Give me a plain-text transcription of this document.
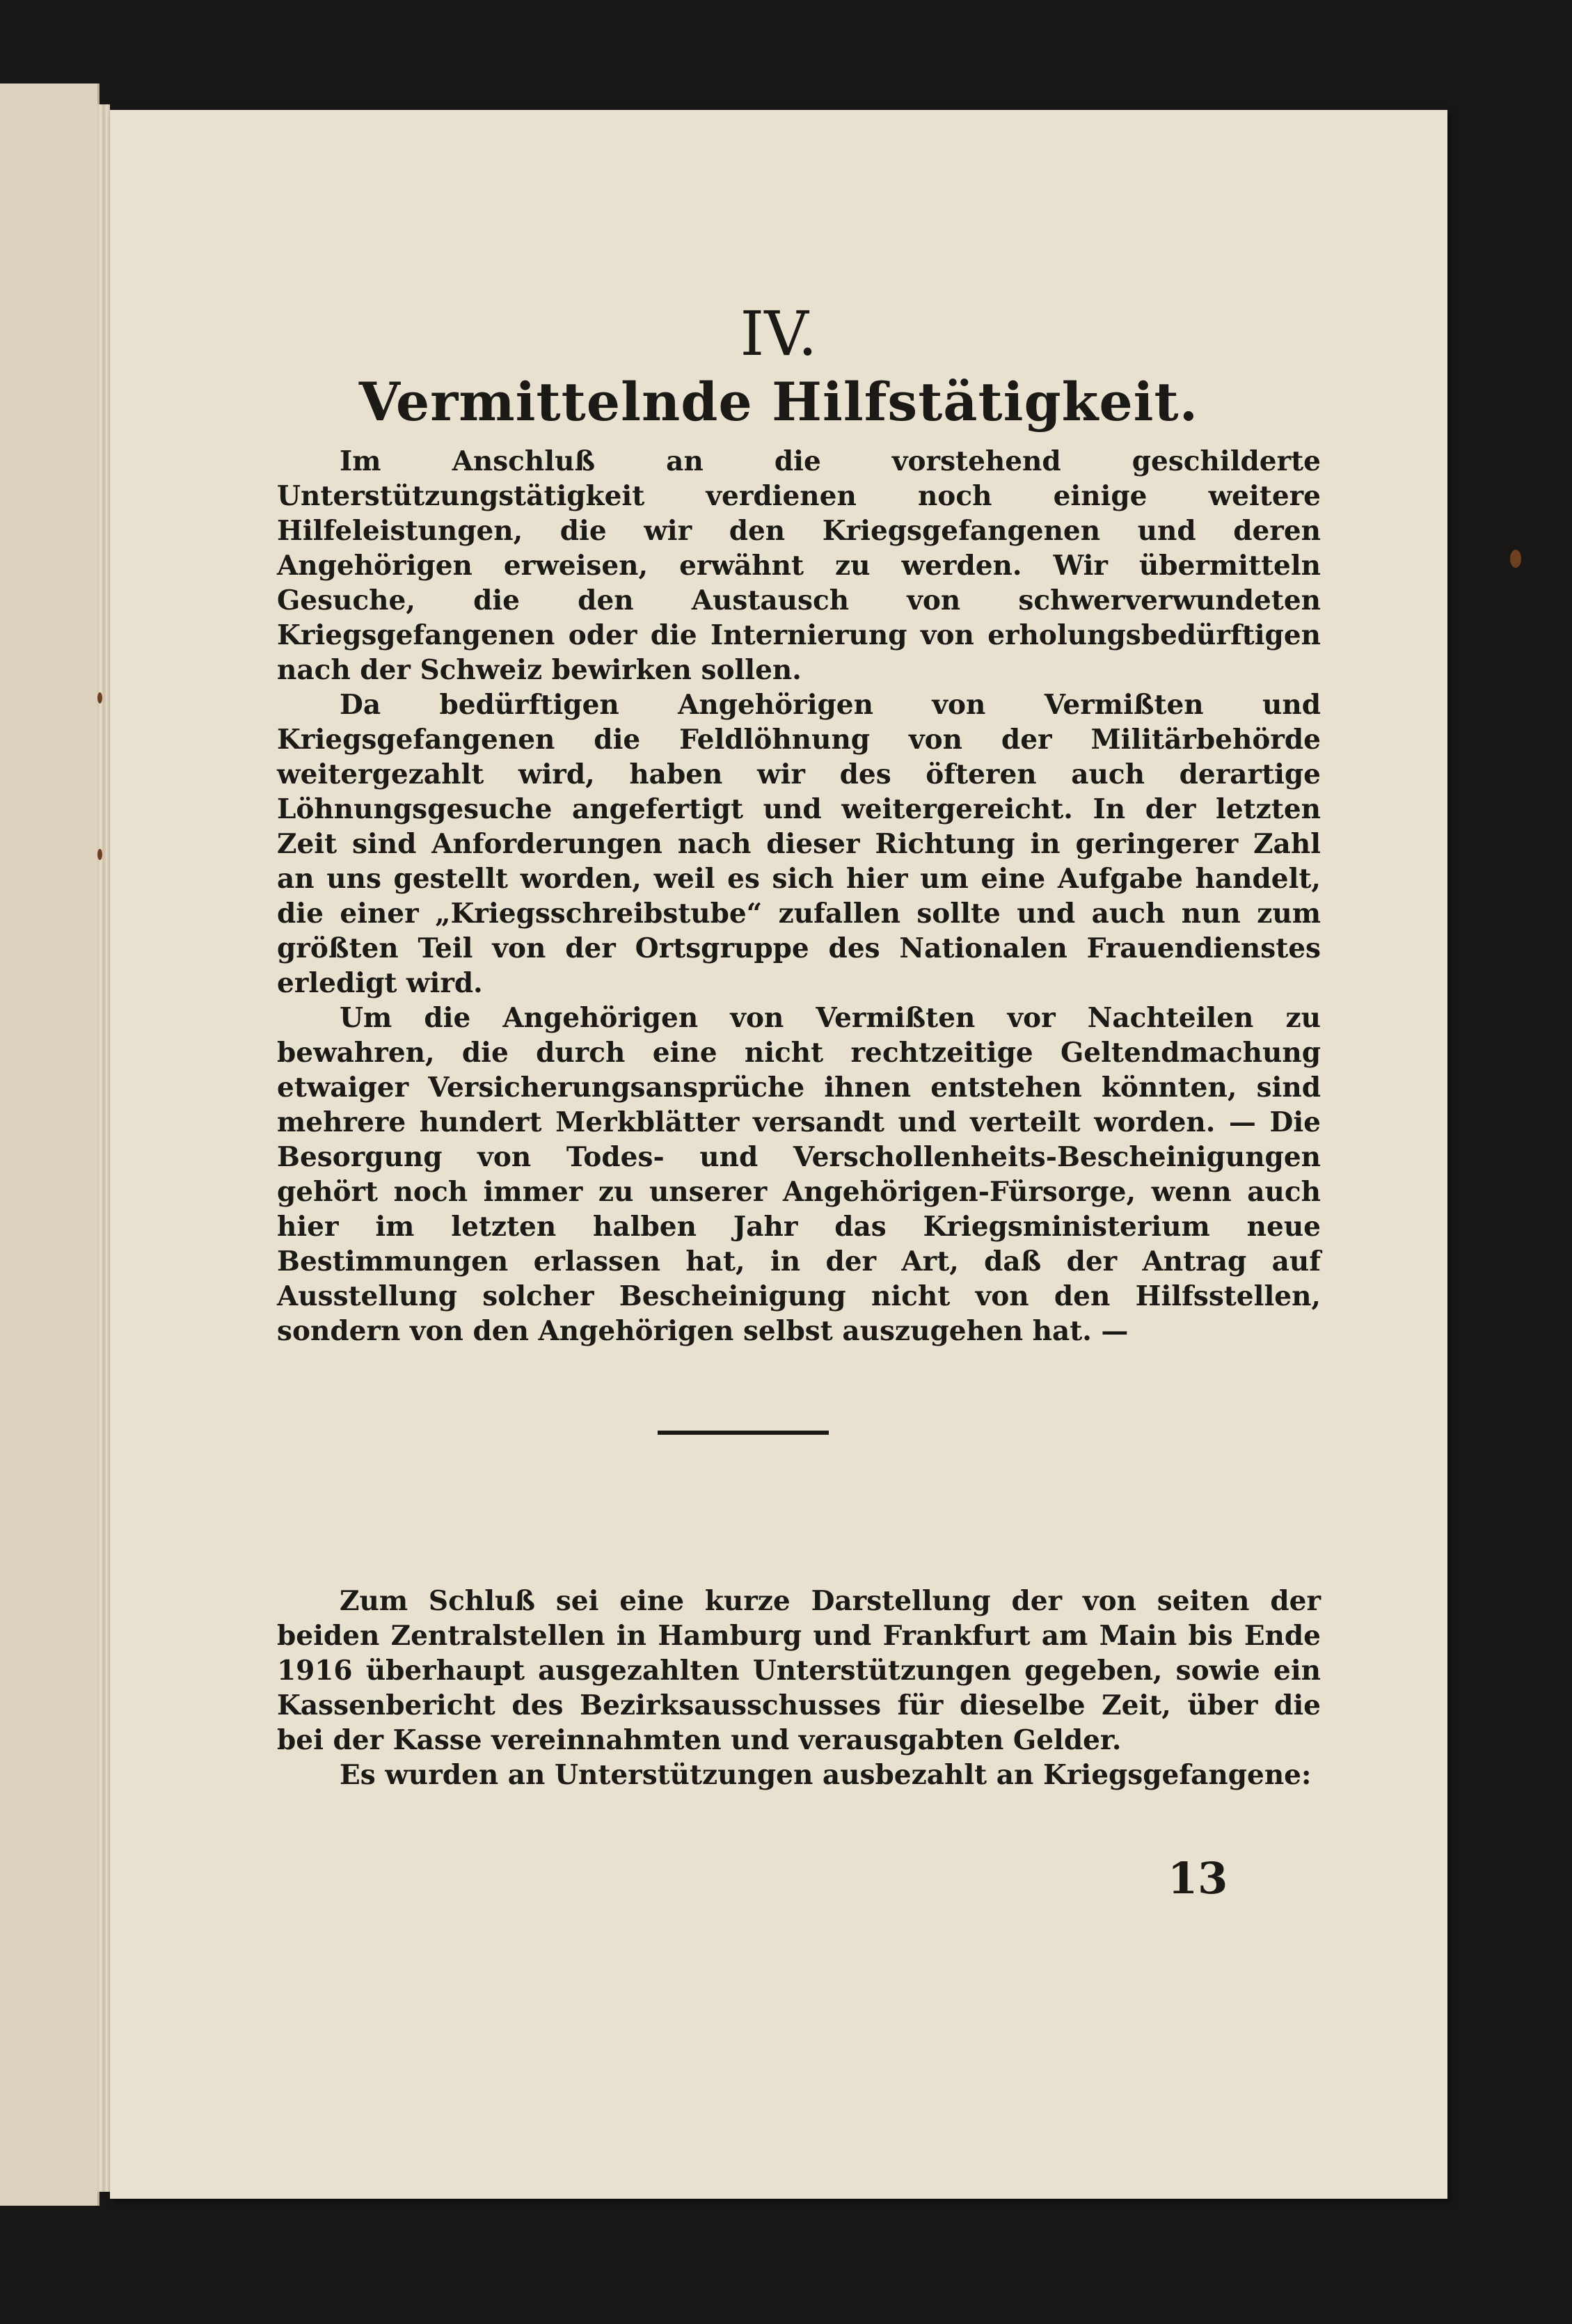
IV.
Vermittelnde Hilfstätigkeit.

Im Anschluß an die vorstehend geschilderte Unterstützungstätigkeit verdienen noch einige weitere Hilfeleistungen, die wir den Kriegsgefangenen und deren Angehörigen erweisen, erwähnt zu werden. Wir übermitteln Gesuche, die den Austausch von schwerverwundeten Kriegsgefangenen oder die Internierung von erholungsbedürftigen nach der Schweiz bewirken sollen.

Da bedürftigen Angehörigen von Vermißten und Kriegsgefangenen die Feldlöhnung von der Militärbehörde weitergezahlt wird, haben wir des öfteren auch derartige Löhnungsgesuche angefertigt und weitergereicht. In der letzten Zeit sind Anforderungen nach dieser Richtung in geringerer Zahl an uns gestellt worden, weil es sich hier um eine Aufgabe handelt, die einer „Kriegsschreibstube“ zufallen sollte und auch nun zum größten Teil von der Ortsgruppe des Nationalen Frauendienstes erledigt wird.

Um die Angehörigen von Vermißten vor Nachteilen zu bewahren, die durch eine nicht rechtzeitige Geltendmachung etwaiger Versicherungsansprüche ihnen entstehen könnten, sind mehrere hundert Merkblätter versandt und verteilt worden. — Die Besorgung von Todes- und Verschollenheits-Bescheinigungen gehört noch immer zu unserer Angehörigen-Fürsorge, wenn auch hier im letzten halben Jahr das Kriegsministerium neue Bestimmungen erlassen hat, in der Art, daß der Antrag auf Ausstellung solcher Bescheinigung nicht von den Hilfsstellen, sondern von den Angehörigen selbst auszugehen hat. —

Zum Schluß sei eine kurze Darstellung der von seiten der beiden Zentralstellen in Hamburg und Frankfurt am Main bis Ende 1916 überhaupt ausgezahlten Unterstützungen gegeben, sowie ein Kassenbericht des Bezirksausschusses für dieselbe Zeit, über die bei der Kasse vereinnahmten und verausgabten Gelder.

Es wurden an Unterstützungen ausbezahlt an Kriegsgefangene:

13
